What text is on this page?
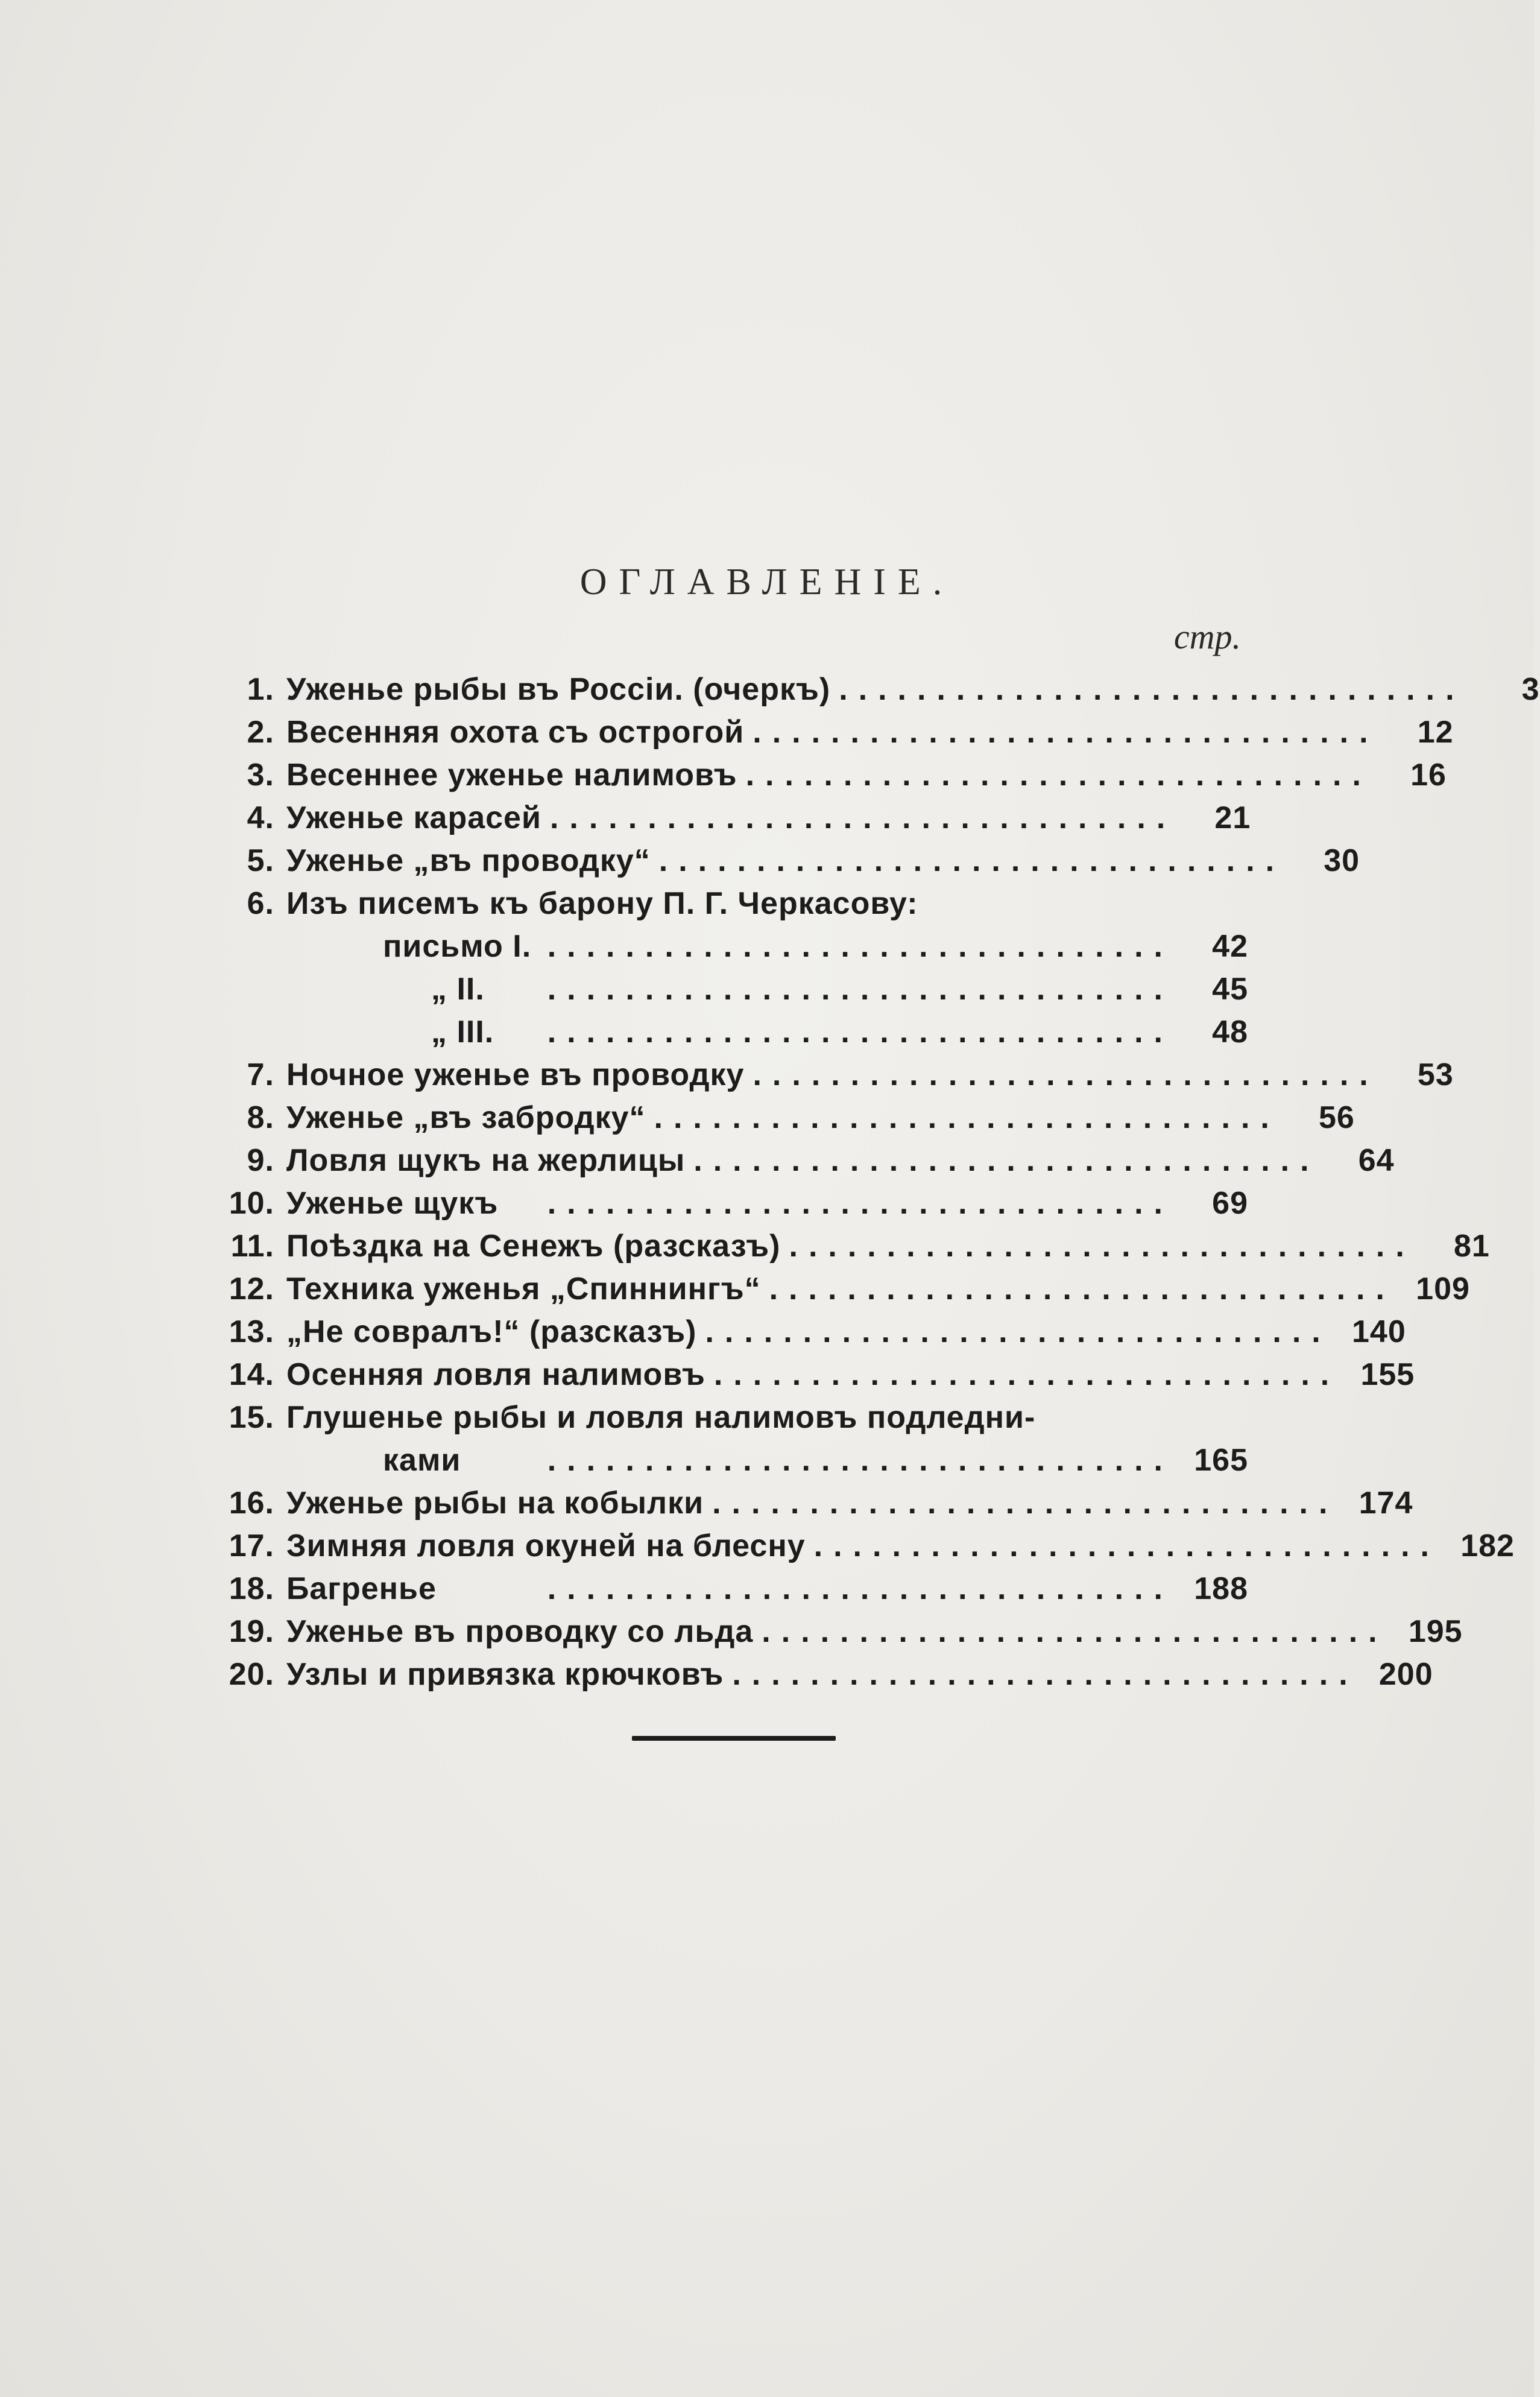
ОГЛАВЛЕНІЕ.
стр.
1. Уженье рыбы въ Россіи. (очеркъ) ................................	3
2. Весенняя охота съ острогой ................................	12
3. Весеннее уженье налимовъ ................................	16
4. Уженье карасей ................................	21
5. Уженье „въ проводку“ ................................	30
6. Изъ писемъ къ барону П. Г. Черкасову:
письмо I. ................................	42
„ II.	................................	45
„ III.	................................	48
7. Ночное уженье въ проводку ................................	53
8. Уженье „въ забродку“ ................................	56
9. Ловля щукъ на жерлицы ................................	64
10. Уженье щукъ	................................	69
11. Поѣздка на Сенежъ (разсказъ) ................................	81
12. Техника уженья „Спиннингъ“ ................................ 109
13. „Не совралъ!“ (разсказъ) ................................ 140
14. Осенняя ловля налимовъ ................................ 155
15. Глушенье рыбы и ловля налимовъ подледни-
ками	................................ 165
16. Уженье рыбы на кобылки ................................ 174
17. Зимняя ловля окуней на блесну ................................ 182
18. Багренье	................................ 188
19. Уженье въ проводку со льда ................................ 195
20. Узлы и привязка крючковъ ................................ 200
